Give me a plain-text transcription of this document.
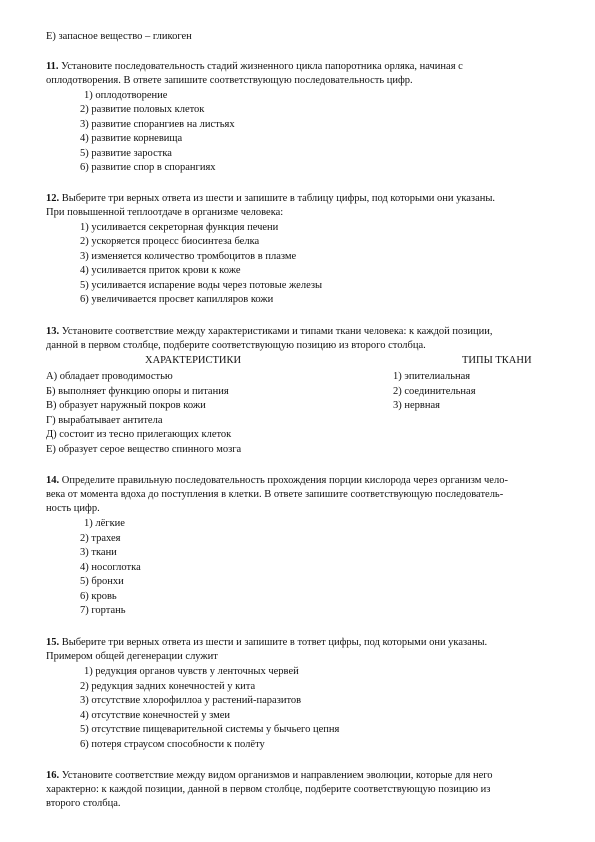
Е) запасное вещество – гликоген
11. Установите последовательность стадий жизненного цикла папоротника орляка, начиная с
оплодотворения. В ответе запишите соответствующую последовательность цифр.
1) оплодотворение
2) развитие половых клеток
3) развитие спорангиев на листьях
4) развитие корневища
5) развитие заростка
6) развитие спор в спорангиях
12. Выберите три верных ответа из шести и запишите в таблицу цифры, под которыми они указаны.
При повышенной теплоотдаче в организме человека:
1) усиливается секреторная функция печени
2) ускоряется процесс биосинтеза белка
3) изменяется количество тромбоцитов в плазме
4) усиливается приток крови к коже
5) усиливается испарение воды через потовые железы
6) увеличивается просвет капилляров кожи
13. Установите соответствие между характеристиками и типами ткани человека: к каждой позиции,
данной в первом столбце, подберите соответствующую позицию из второго столбца.
ХАРАКТЕРИСТИКИ	ТИПЫ ТКАНИ
А) обладает проводимостью
Б) выполняет функцию опоры и питания
В) образует наружный покров кожи
Г) вырабатывает антитела
Д) состоит из тесно прилегающих клеток
Е) образует серое вещество спинного мозга
1) эпителиальная
2) соединительная
3) нервная
14. Определите правильную последовательность прохождения порции кислорода через организм чело-
века от момента вдоха до поступления в клетки. В ответе запишите соответствующую последователь-
ность цифр.
1) лёгкие
2) трахея
3) ткани
4) носоглотка
5) бронхи
6) кровь
7) гортань
15. Выберите три верных ответа из шести и запишите в тответ цифры, под которыми они указаны.
Примером общей дегенерации служит
1) редукция органов чувств у ленточных червей
2) редукция задних конечностей у кита
3) отсутствие хлорофиллоа у растений-паразитов
4) отсутствие конечностей у змеи
5) отсутствие пищеварительной системы у бычьего цепня
6) потеря страусом способности к полёту
16. Установите соответствие между видом организмов и направлением эволюции, которые для него
характерно: к каждой позиции, данной в первом столбце, подберите соответствующую позицию из
второго столбца.
